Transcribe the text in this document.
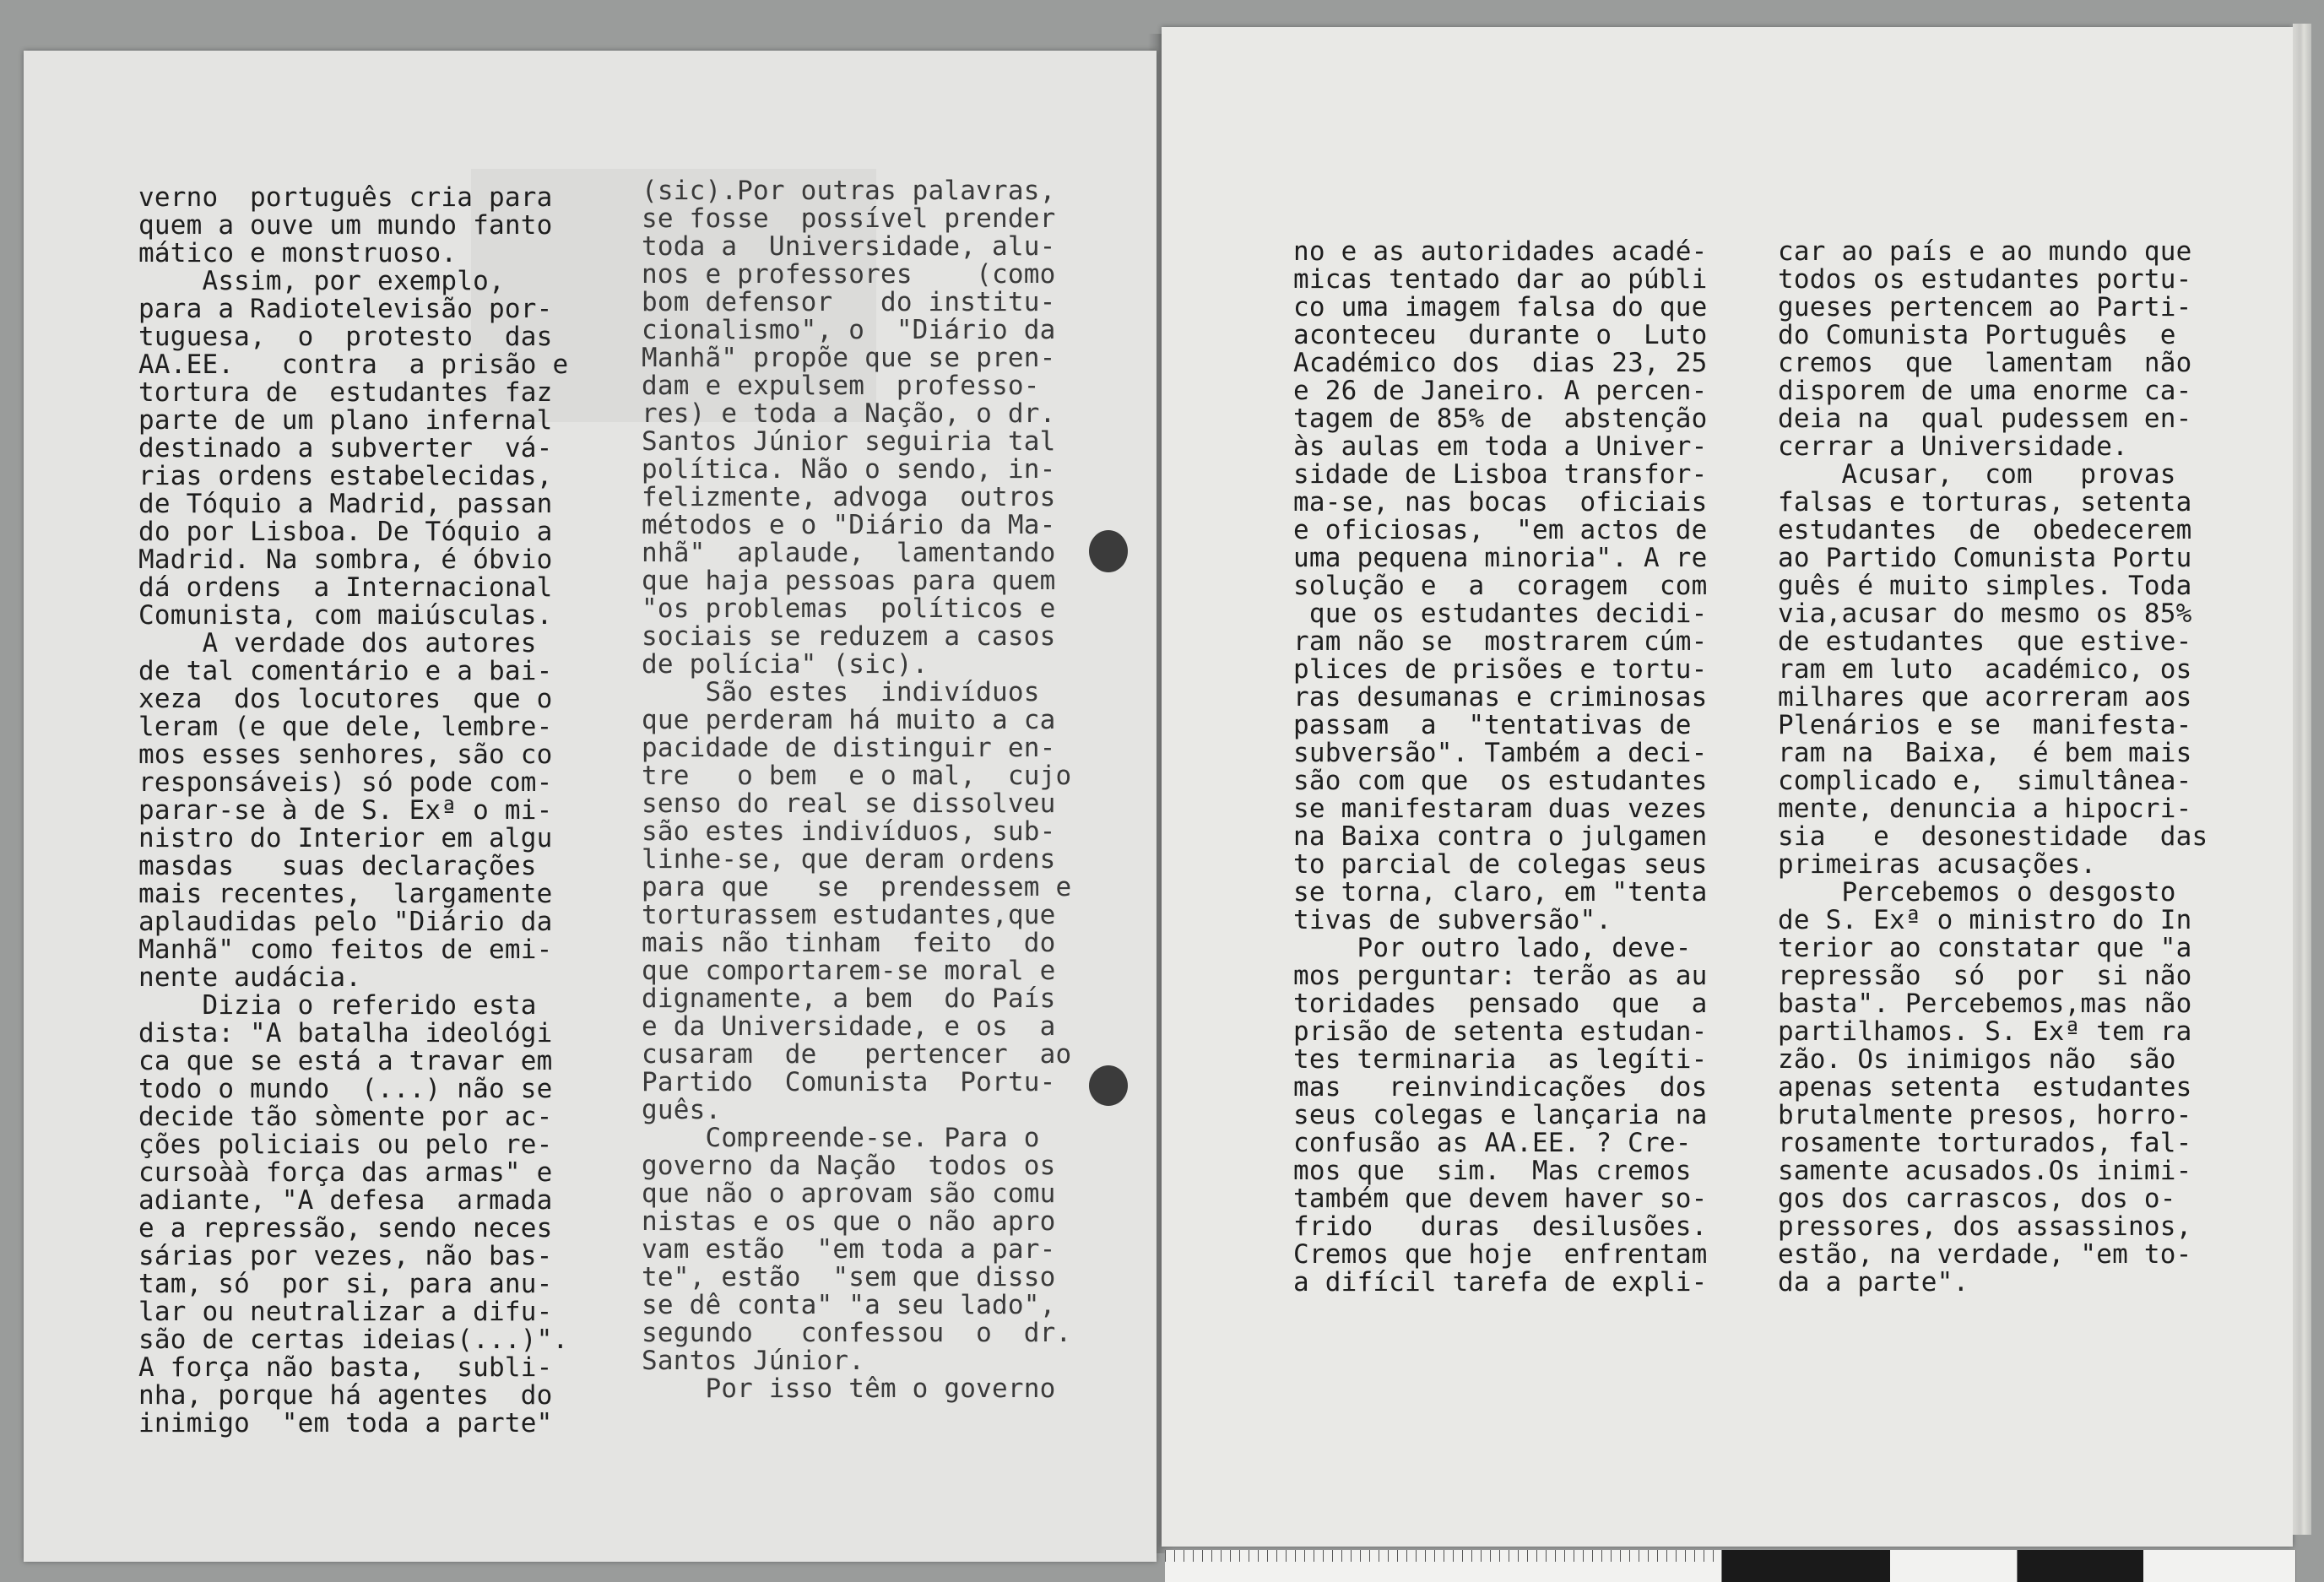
verno  português cria para
quem a ouve um mundo fanto
mático e monstruoso.
Assim, por exemplo,
para a Radiotelevisão por-
tuguesa,  o  protesto  das
AA.EE.   contra  a prisão e
tortura de  estudantes faz
parte de um plano infernal
destinado a subverter  vá-
rias ordens estabelecidas,
de Tóquio a Madrid, passan
do por Lisboa. De Tóquio a
Madrid. Na sombra, é óbvio
dá ordens  a Internacional
Comunista, com maiúsculas.
A verdade dos autores
de tal comentário e a bai-
xeza  dos locutores  que o
leram (e que dele, lembre-
mos esses senhores, são co
responsáveis) só pode com-
parar-se à de S. Exª o mi-
nistro do Interior em algu
masdas   suas declarações
mais recentes,  largamente
aplaudidas pelo "Diário da
Manhã" como feitos de emi-
nente audácia.
Dizia o referido esta
dista: "A batalha ideológi
ca que se está a travar em
todo o mundo  (...) não se
decide tão sòmente por ac-
ções policiais ou pelo re-
cursoàà força das armas" e
adiante, "A defesa  armada
e a repressão, sendo neces
sárias por vezes, não bas-
tam, só  por si, para anu-
lar ou neutralizar a difu-
são de certas ideias(...)".
A força não basta,  subli-
nha, porque há agentes  do
inimigo  "em toda a parte"
(sic).Por outras palavras,
se fosse  possível prender
toda a  Universidade, alu-
nos e professores    (como
bom defensor   do institu-
cionalismo", o  "Diário da
Manhã" propõe que se pren-
dam e expulsem  professo-
res) e toda a Nação, o dr.
Santos Júnior seguiria tal
política. Não o sendo, in-
felizmente, advoga  outros
métodos e o "Diário da Ma-
nhã"  aplaude,  lamentando
que haja pessoas para quem
"os problemas  políticos e
sociais se reduzem a casos
de polícia" (sic).
São estes  indivíduos
que perderam há muito a ca
pacidade de distinguir en-
tre   o bem  e o mal,  cujo
senso do real se dissolveu
são estes indivíduos, sub-
linhe-se, que deram ordens
para que   se  prendessem e
torturassem estudantes,que
mais não tinham  feito  do
que comportarem-se moral e
dignamente, a bem  do País
e da Universidade, e os  a
cusaram  de   pertencer  ao
Partido  Comunista  Portu-
guês.
Compreende-se. Para o
governo da Nação  todos os
que não o aprovam são comu
nistas e os que o não apro
vam estão  "em toda a par-
te", estão  "sem que disso
se dê conta" "a seu lado",
segundo   confessou  o  dr.
Santos Júnior.
Por isso têm o governo
no e as autoridades acadé-
micas tentado dar ao públi
co uma imagem falsa do que
aconteceu  durante o  Luto
Académico dos  dias 23, 25
e 26 de Janeiro. A percen-
tagem de 85% de  abstenção
às aulas em toda a Univer-
sidade de Lisboa transfor-
ma-se, nas bocas  oficiais
e oficiosas,  "em actos de
uma pequena minoria". A re
solução e  a  coragem  com
que os estudantes decidi-
ram não se  mostrarem cúm-
plices de prisões e tortu-
ras desumanas e criminosas
passam  a  "tentativas de
subversão". Também a deci-
são com que  os estudantes
se manifestaram duas vezes
na Baixa contra o julgamen
to parcial de colegas seus
se torna, claro, em "tenta
tivas de subversão".
Por outro lado, deve-
mos perguntar: terão as au
toridades  pensado  que  a
prisão de setenta estudan-
tes terminaria  as legíti-
mas   reinvindicações  dos
seus colegas e lançaria na
confusão as AA.EE. ? Cre-
mos que  sim.  Mas cremos
também que devem haver so-
frido   duras  desilusões.
Cremos que hoje  enfrentam
a difícil tarefa de expli-
car ao país e ao mundo que
todos os estudantes portu-
gueses pertencem ao Parti-
do Comunista Português  e
cremos  que  lamentam  não
disporem de uma enorme ca-
deia na  qual pudessem en-
cerrar a Universidade.
Acusar,  com   provas
falsas e torturas, setenta
estudantes  de  obedecerem
ao Partido Comunista Portu
guês é muito simples. Toda
via,acusar do mesmo os 85%
de estudantes  que estive-
ram em luto  académico, os
milhares que acorreram aos
Plenários e se  manifesta-
ram na  Baixa,  é bem mais
complicado e,  simultânea-
mente, denuncia a hipocri-
sia   e  desonestidade  das
primeiras acusações.
Percebemos o desgosto
de S. Exª o ministro do In
terior ao constatar que "a
repressão  só  por  si não
basta". Percebemos,mas não
partilhamos. S. Exª tem ra
zão. Os inimigos não  são
apenas setenta  estudantes
brutalmente presos, horro-
rosamente torturados, fal-
samente acusados.Os inimi-
gos dos carrascos, dos o-
pressores, dos assassinos,
estão, na verdade, "em to-
da a parte".
